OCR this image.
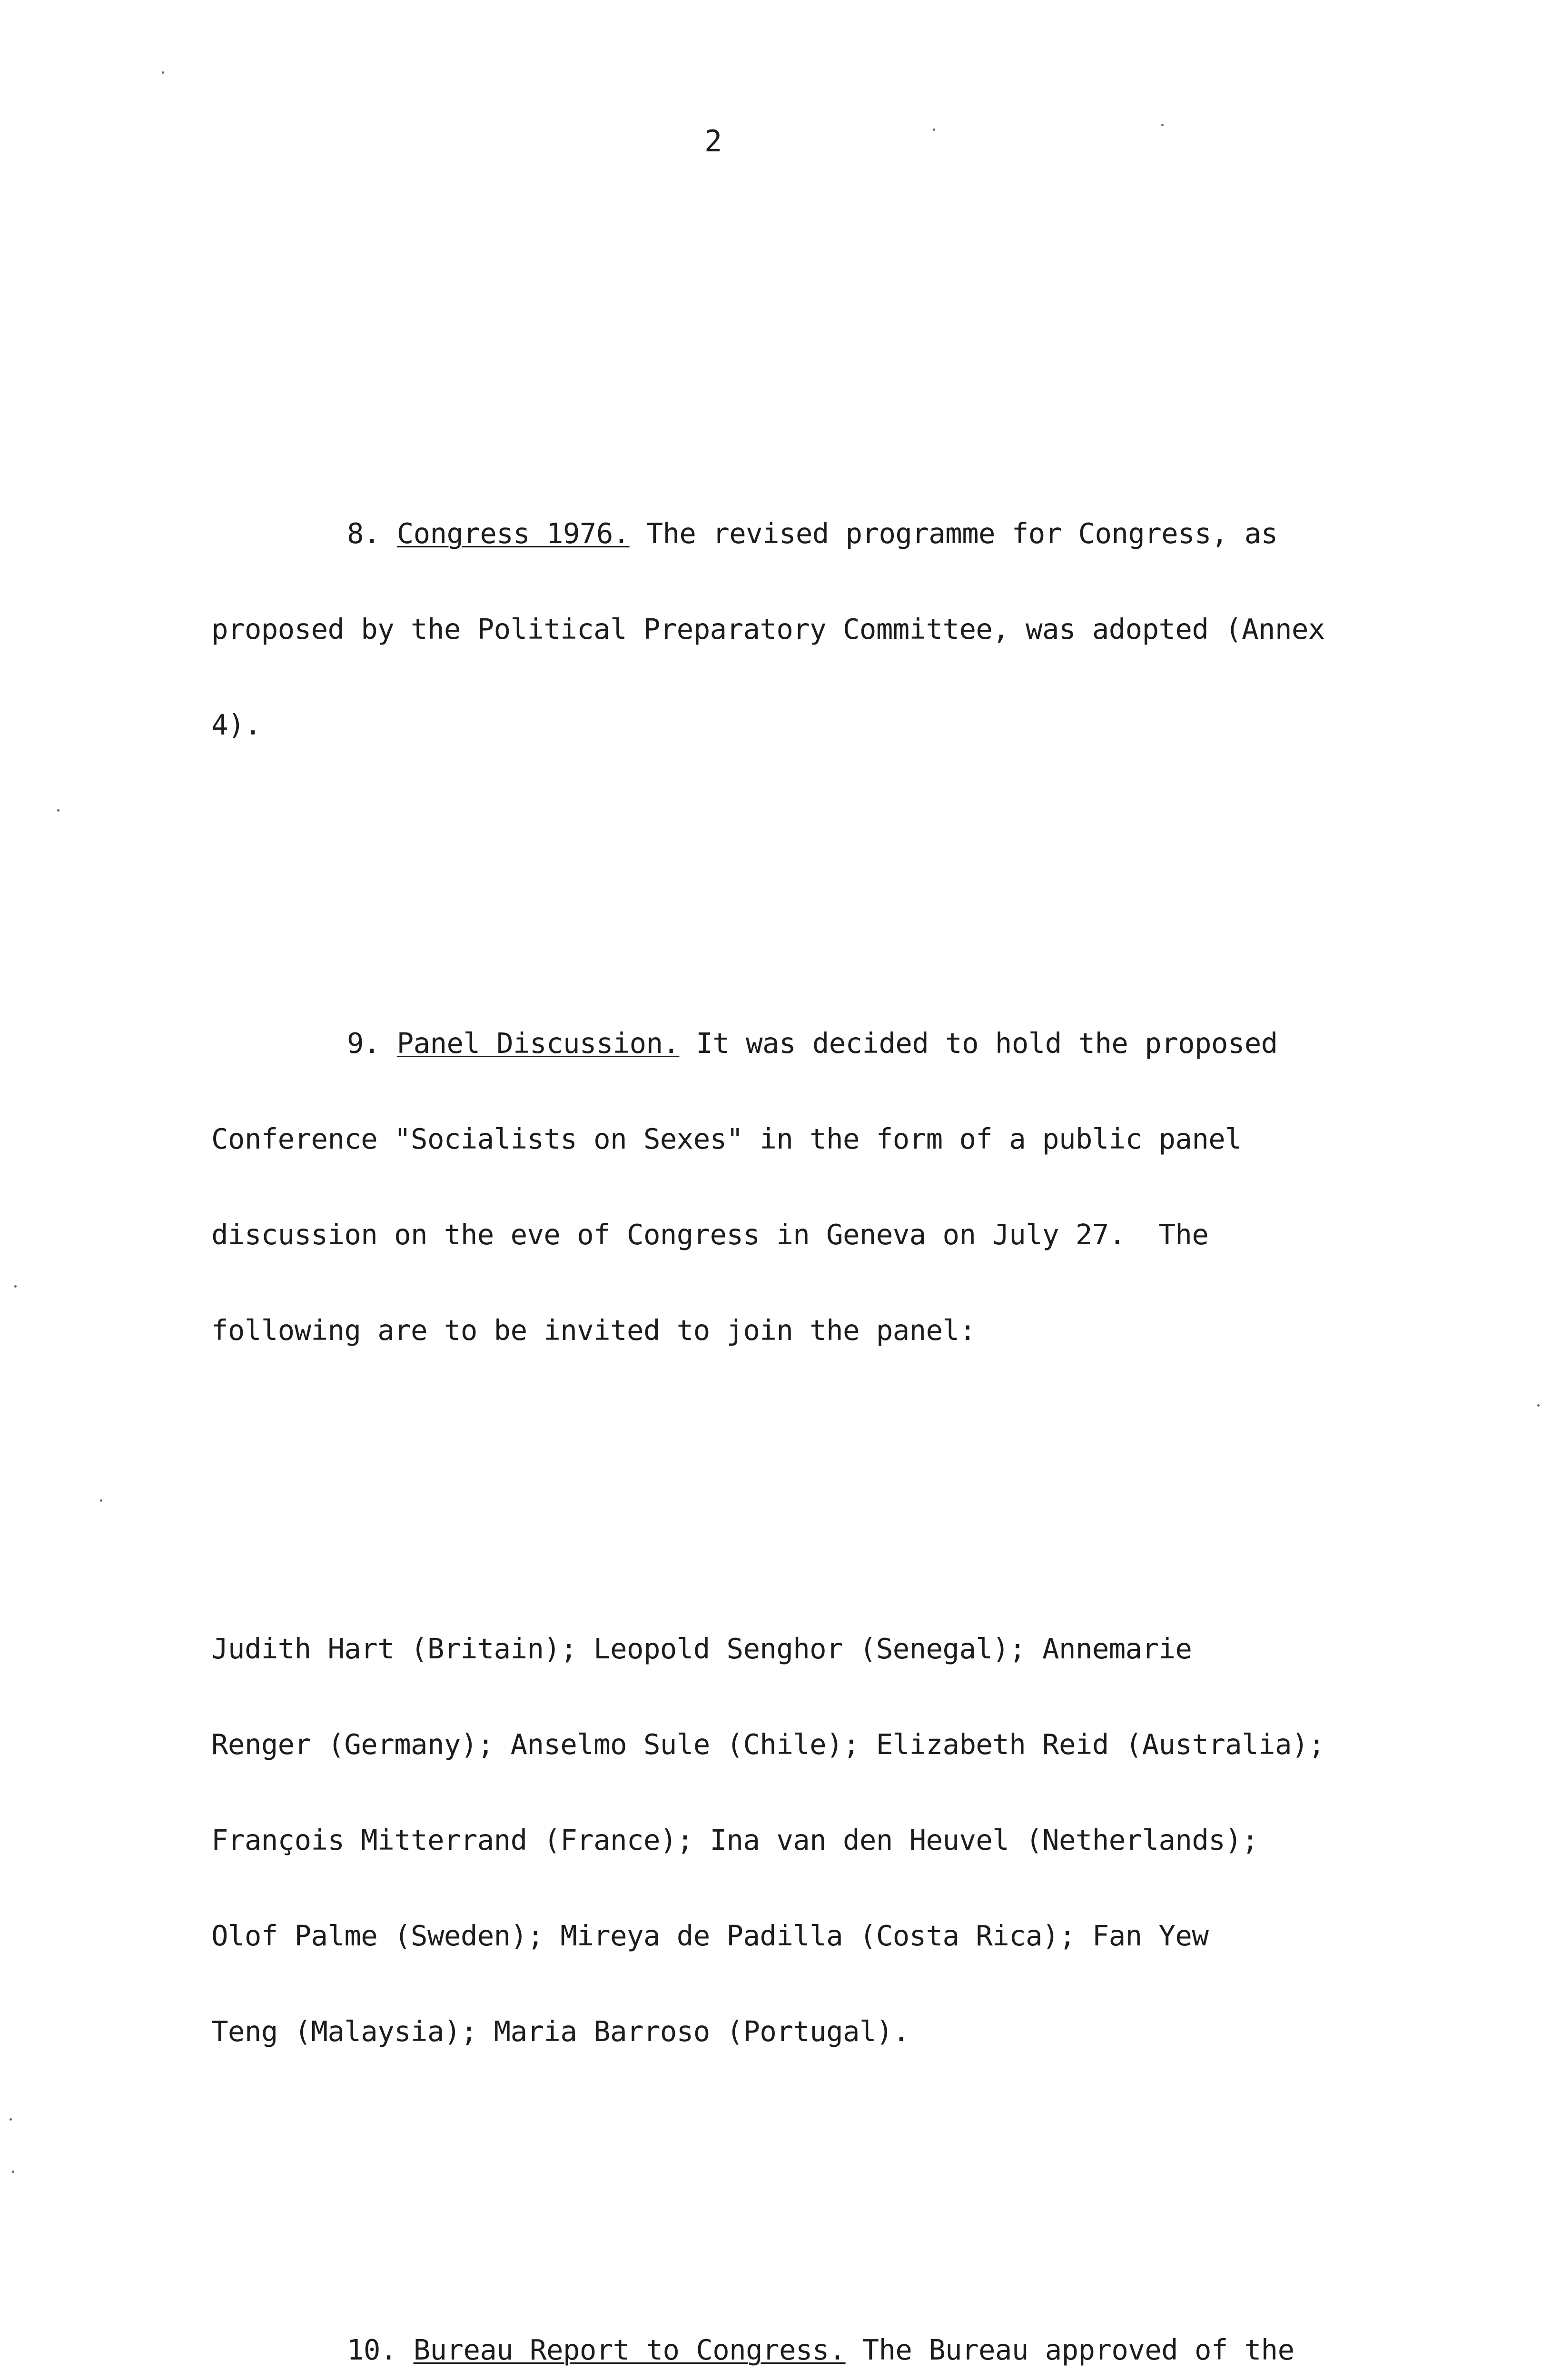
2

8. Congress 1976. The revised programme for Congress, as

proposed by the Political Preparatory Committee, was adopted (Annex

4).

9. Panel Discussion. It was decided to hold the proposed

Conference "Socialists on Sexes" in the form of a public panel

discussion on the eve of Congress in Geneva on July 27.  The

following are to be invited to join the panel:

Judith Hart (Britain); Leopold Senghor (Senegal); Annemarie

Renger (Germany); Anselmo Sule (Chile); Elizabeth Reid (Australia);

François Mitterrand (France); Ina van den Heuvel (Netherlands);

Olof Palme (Sweden); Mireya de Padilla (Costa Rica); Fan Yew

Teng (Malaysia); Maria Barroso (Portugal).

10. Bureau Report to Congress. The Bureau approved of the
